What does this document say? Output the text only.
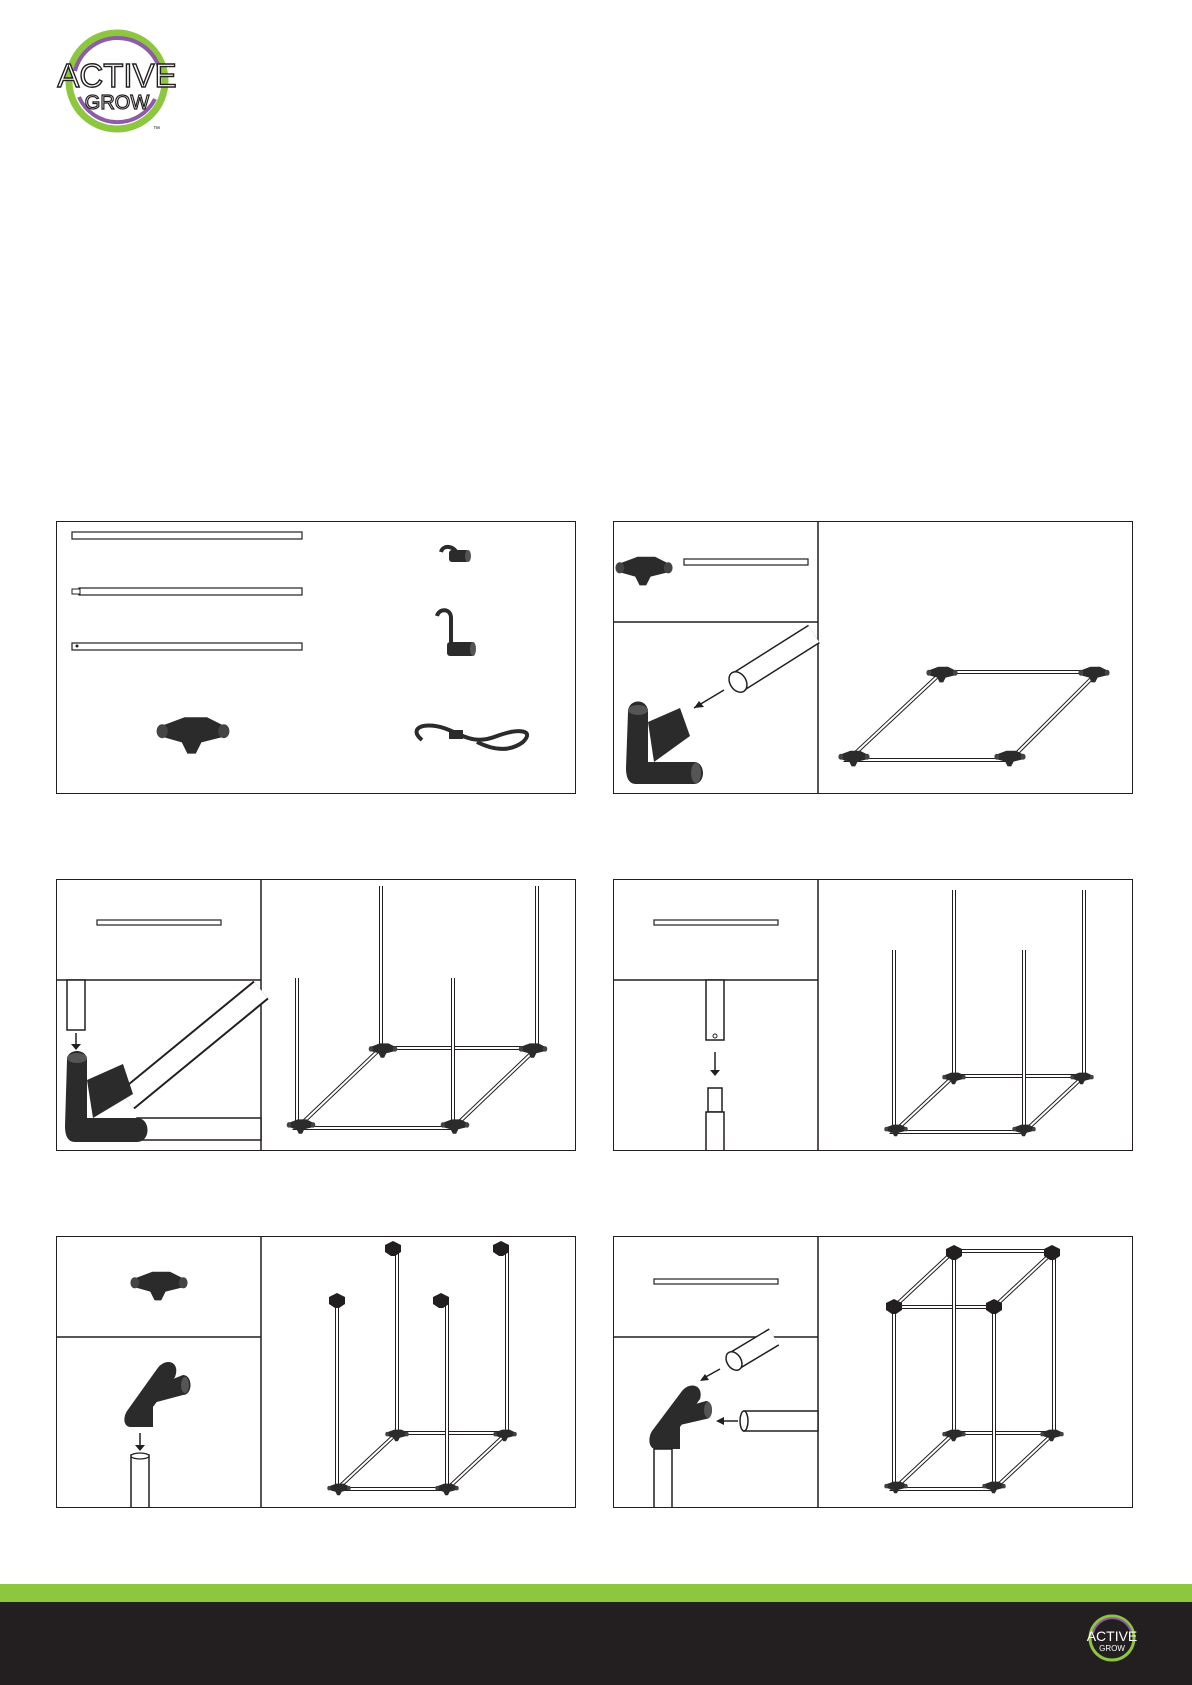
ACTIVE
GROW
™
ACTIVE
GROW
